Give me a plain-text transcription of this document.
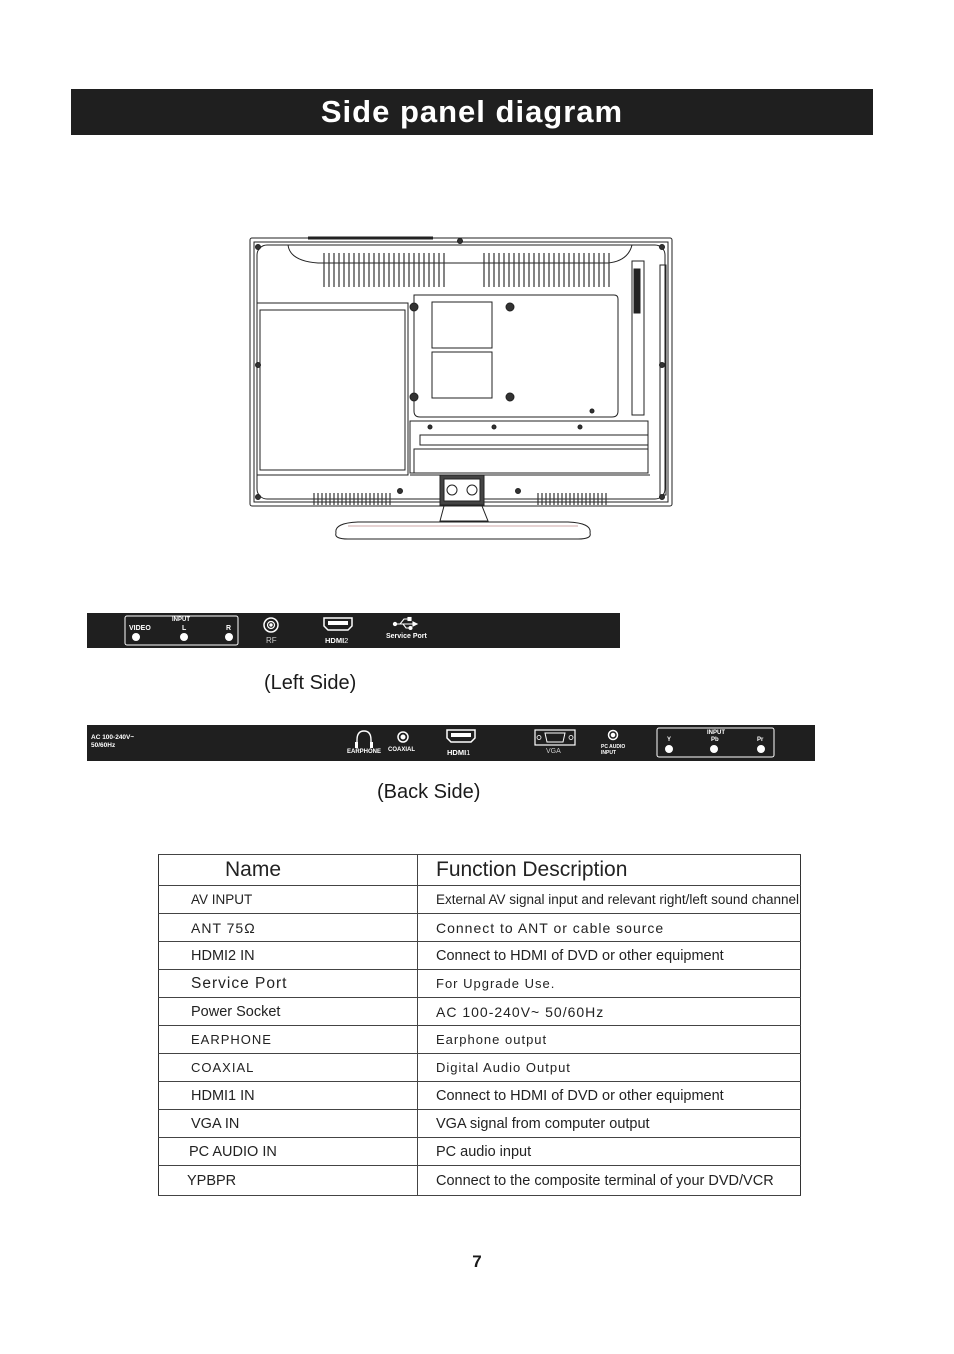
Side panel diagram
INPUT
VIDEO	L	R
RF	HDMI2	Service Port
(Left Side)
AC 100-240V~
50/60Hz
EARPHONE COAXIAL	HDMI1	VGA
PC AUDIO
INPUT
INPUT
Y	Pb	Pr
(Back Side)
Name	Function Description
AV INPUT	External AV signal input and relevant right/left sound channel
ANT 75Ω	Connect to ANT or cable source
HDMI2 IN	Connect to HDMI of DVD or other equipment
Service Port	For Upgrade Use.
Power Socket	AC 100-240V~ 50/60Hz
EARPHONE	Earphone output
COAXIAL	Digital Audio Output
HDMI1 IN	Connect to HDMI of DVD or other equipment
VGA IN	VGA signal from computer output
PC AUDIO IN	PC audio input
YPBPR	Connect to the composite terminal of your DVD/VCR
7
